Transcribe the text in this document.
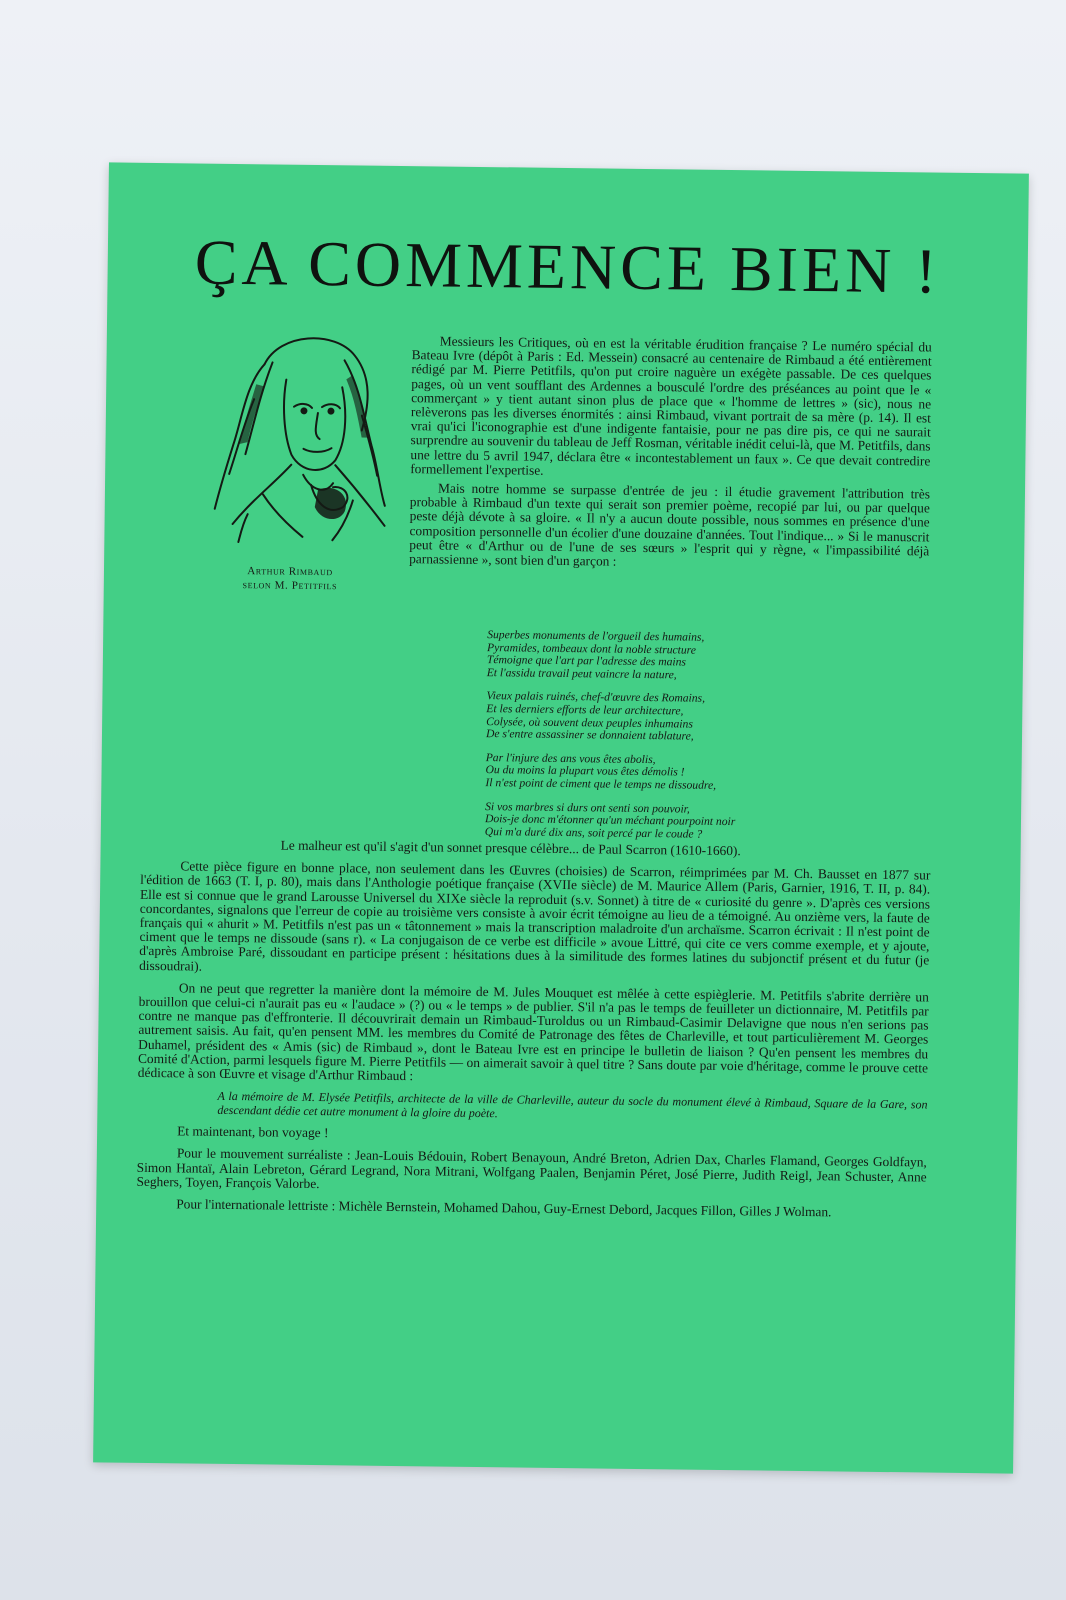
ÇA COMMENCE BIEN !
Arthur Rimbaud
selon M. Petitfils

Messieurs les Critiques, où en est la véritable érudition française ? Le numéro spécial du Bateau Ivre (dépôt à Paris : Ed. Messein) consacré au centenaire de Rimbaud a été entièrement rédigé par M. Pierre Petitfils, qu'on put croire naguère un exégète passable. De ces quelques pages, où un vent soufflant des Ardennes a bousculé l'ordre des préséances au point que le « commerçant » y tient autant sinon plus de place que « l'homme de lettres » (sic), nous ne relèverons pas les diverses énormités : ainsi Rimbaud, vivant portrait de sa mère (p. 14). Il est vrai qu'ici l'iconographie est d'une indigente fantaisie, pour ne pas dire pis, ce qui ne saurait surprendre au souvenir du tableau de Jeff Rosman, véritable inédit celui-là, que M. Petitfils, dans une lettre du 5 avril 1947, déclara être « incontestablement un faux ». Ce que devait contredire formellement l'expertise.

Mais notre homme se surpasse d'entrée de jeu : il étudie gravement l'attribution très probable à Rimbaud d'un texte qui serait son premier poème, recopié par lui, ou par quelque peste déjà dévote à sa gloire. « Il n'y a aucun doute possible, nous sommes en présence d'une composition personnelle d'un écolier d'une douzaine d'années. Tout l'indique... » Si le manuscrit peut être « d'Arthur ou de l'une de ses sœurs » l'esprit qui y règne, « l'impassibilité déjà parnassienne », sont bien d'un garçon :

Superbes monuments de l'orgueil des humains,
Pyramides, tombeaux dont la noble structure
Témoigne que l'art par l'adresse des mains
Et l'assidu travail peut vaincre la nature,
Vieux palais ruinés, chef-d'œuvre des Romains,
Et les derniers efforts de leur architecture,
Colysée, où souvent deux peuples inhumains
De s'entre assassiner se donnaient tablature,
Par l'injure des ans vous êtes abolis,
Ou du moins la plupart vous êtes démolis !
Il n'est point de ciment que le temps ne dissoudre,
Si vos marbres si durs ont senti son pouvoir,
Dois-je donc m'étonner qu'un méchant pourpoint noir
Qui m'a duré dix ans, soit percé par le coude ?

Le malheur est qu'il s'agit d'un sonnet presque célèbre... de Paul Scarron (1610-1660).

Cette pièce figure en bonne place, non seulement dans les Œuvres (choisies) de Scarron, réimprimées par M. Ch. Bausset en 1877 sur l'édition de 1663 (T. I, p. 80), mais dans l'Anthologie poétique française (XVIIe siècle) de M. Maurice Allem (Paris, Garnier, 1916, T. II, p. 84). Elle est si connue que le grand Larousse Universel du XIXe siècle la reproduit (s.v. Sonnet) à titre de « curiosité du genre ». D'après ces versions concordantes, signalons que l'erreur de copie au troisième vers consiste à avoir écrit témoigne au lieu de a témoigné. Au onzième vers, la faute de français qui « ahurit » M. Petitfils n'est pas un « tâtonnement » mais la transcription maladroite d'un archaïsme. Scarron écrivait : Il n'est point de ciment que le temps ne dissoude (sans r). « La conjugaison de ce verbe est difficile » avoue Littré, qui cite ce vers comme exemple, et y ajoute, d'après Ambroise Paré, dissoudant en participe présent : hésitations dues à la similitude des formes latines du subjonctif présent et du futur (je dissoudrai).

On ne peut que regretter la manière dont la mémoire de M. Jules Mouquet est mêlée à cette espièglerie. M. Petitfils s'abrite derrière un brouillon que celui-ci n'aurait pas eu « l'audace » (?) ou « le temps » de publier. S'il n'a pas le temps de feuilleter un dictionnaire, M. Petitfils par contre ne manque pas d'effronterie. Il découvrirait demain un Rimbaud-Turoldus ou un Rimbaud-Casimir Delavigne que nous n'en serions pas autrement saisis. Au fait, qu'en pensent MM. les membres du Comité de Patronage des fêtes de Charleville, et tout particulièrement M. Georges Duhamel, président des « Amis (sic) de Rimbaud », dont le Bateau Ivre est en principe le bulletin de liaison ? Qu'en pensent les membres du Comité d'Action, parmi lesquels figure M. Pierre Petitfils — on aimerait savoir à quel titre ? Sans doute par voie d'héritage, comme le prouve cette dédicace à son Œuvre et visage d'Arthur Rimbaud :

A la mémoire de M. Elysée Petitfils, architecte de la ville de Charleville, auteur du socle du monument élevé à Rimbaud, Square de la Gare, son descendant dédie cet autre monument à la gloire du poète.

Et maintenant, bon voyage !

Pour le mouvement surréaliste : Jean-Louis Bédouin, Robert Benayoun, André Breton, Adrien Dax, Charles Flamand, Georges Goldfayn, Simon Hantaï, Alain Lebreton, Gérard Legrand, Nora Mitrani, Wolfgang Paalen, Benjamin Péret, José Pierre, Judith Reigl, Jean Schuster, Anne Seghers, Toyen, François Valorbe.

Pour l'internationale lettriste : Michèle Bernstein, Mohamed Dahou, Guy-Ernest Debord, Jacques Fillon, Gilles J Wolman.
